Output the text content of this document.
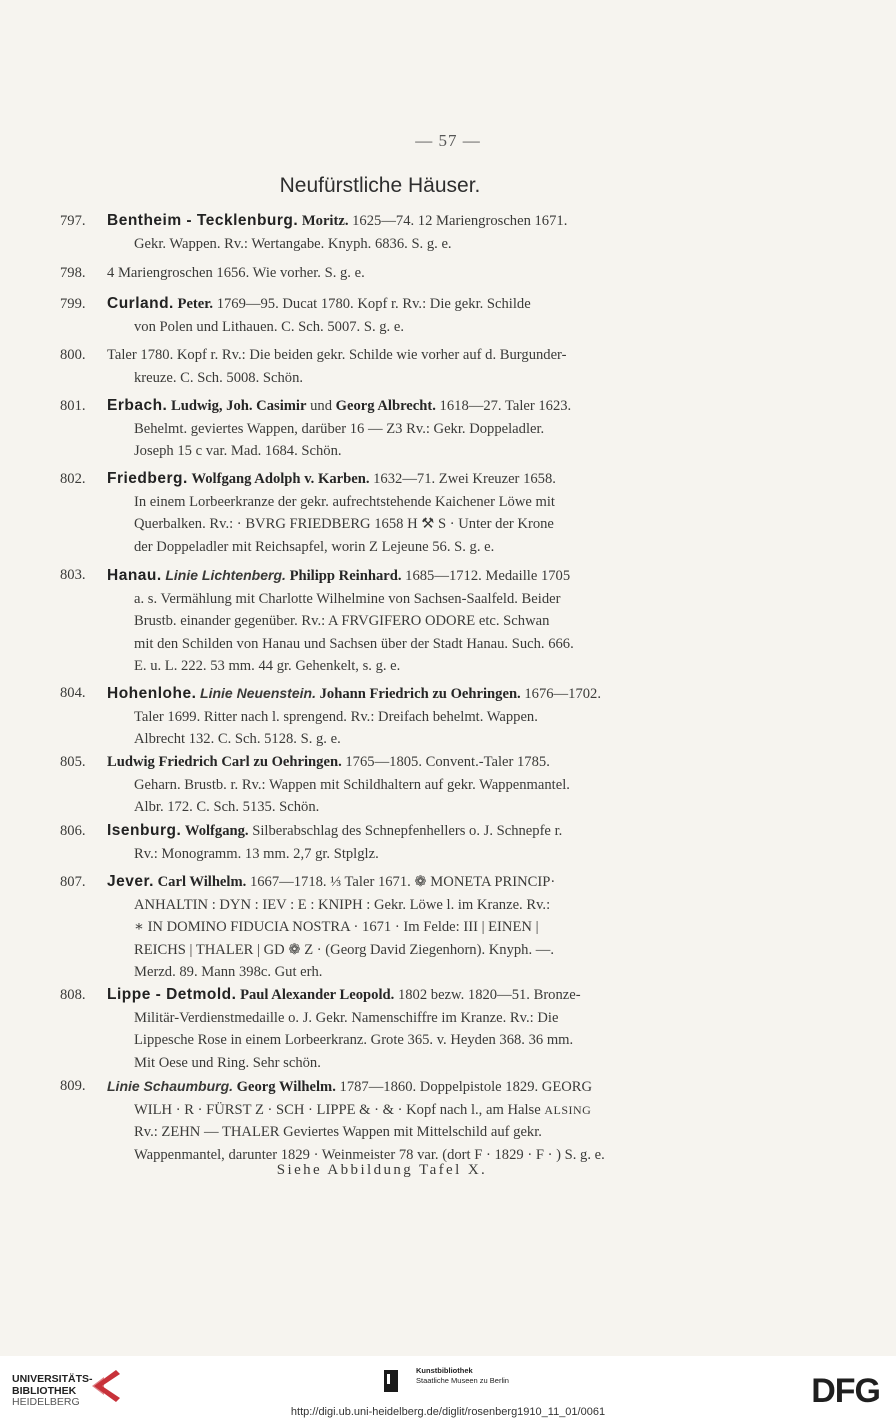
— 57 —
Neufürstliche Häuser.
797.	Bentheim - Tecklenburg. Moritz. 1625—74. 12 Mariengroschen 1671.
Gekr. Wappen. Rv.: Wertangabe. Knyph. 6836. S. g. e.
798.	4 Mariengroschen 1656. Wie vorher. S. g. e.
799.	Curland. Peter. 1769—95. Ducat 1780. Kopf r. Rv.: Die gekr. Schilde
von Polen und Lithauen. C. Sch. 5007. S. g. e.
800.	Taler 1780. Kopf r. Rv.: Die beiden gekr. Schilde wie vorher auf d. Burgunder-
kreuze. C. Sch. 5008. Schön.
801.	Erbach. Ludwig, Joh. Casimir und Georg Albrecht. 1618—27. Taler 1623.
Behelmt. geviertes Wappen, darüber 16 — Z3 Rv.: Gekr. Doppeladler.
Joseph 15 c var. Mad. 1684. Schön.
802.	Friedberg. Wolfgang Adolph v. Karben. 1632—71. Zwei Kreuzer 1658.
In einem Lorbeerkranze der gekr. aufrechtstehende Kaichener Löwe mit
Querbalken. Rv.: · BVRG FRIEDBERG 1658 H ⚒ S · Unter der Krone
der Doppeladler mit Reichsapfel, worin Z Lejeune 56. S. g. e.
803.	Hanau. Linie Lichtenberg. Philipp Reinhard. 1685—1712. Medaille 1705
a. s. Vermählung mit Charlotte Wilhelmine von Sachsen-Saalfeld. Beider
Brustb. einander gegenüber. Rv.: A FRVGIFERO ODORE etc. Schwan
mit den Schilden von Hanau und Sachsen über der Stadt Hanau. Such. 666.
E. u. L. 222. 53 mm. 44 gr. Gehenkelt, s. g. e.
804.	Hohenlohe. Linie Neuenstein. Johann Friedrich zu Oehringen. 1676—1702.
Taler 1699. Ritter nach l. sprengend. Rv.: Dreifach behelmt. Wappen.
Albrecht 132. C. Sch. 5128. S. g. e.
805.	Ludwig Friedrich Carl zu Oehringen. 1765—1805. Convent.-Taler 1785.
Geharn. Brustb. r. Rv.: Wappen mit Schildhaltern auf gekr. Wappenmantel.
Albr. 172. C. Sch. 5135. Schön.
806.	Isenburg. Wolfgang. Silberabschlag des Schnepfenhellers o. J. Schnepfe r.
Rv.: Monogramm. 13 mm. 2,7 gr. Stplglz.
807.	Jever. Carl Wilhelm. 1667—1718. ⅓ Taler 1671. ❁ MONETA PRINCIP·
ANHALTIN : DYN : IEV : E : KNIPH : Gekr. Löwe l. im Kranze. Rv.:
∗ IN DOMINO FIDUCIA NOSTRA · 1671 · Im Felde: III | EINEN |
REICHS | THALER | GD ❁ Z · (Georg David Ziegenhorn). Knyph. —.
Merzd. 89. Mann 398c. Gut erh.
808.	Lippe - Detmold. Paul Alexander Leopold. 1802 bezw. 1820—51. Bronze-
Militär-Verdienstmedaille o. J. Gekr. Namenschiffre im Kranze. Rv.: Die
Lippesche Rose in einem Lorbeerkranz. Grote 365. v. Heyden 368. 36 mm.
Mit Oese und Ring. Sehr schön.
809.	Linie Schaumburg. Georg Wilhelm. 1787—1860. Doppelpistole 1829. GEORG
WILH · R · FÜRST Z · SCH · LIPPE & · & · Kopf nach l., am Halse ALSING
Rv.: ZEHN — THALER Geviertes Wappen mit Mittelschild auf gekr.
Wappenmantel, darunter 1829 · Weinmeister 78 var. (dort F · 1829 · F · ) S. g. e.
Siehe Abbildung Tafel X.
UNIVERSITÄTS-
BIBLIOTHEK
HEIDELBERG
Kunstbibliothek
Staatliche Museen zu Berlin	DFG
http://digi.ub.uni-heidelberg.de/diglit/rosenberg1910_11_01/0061
